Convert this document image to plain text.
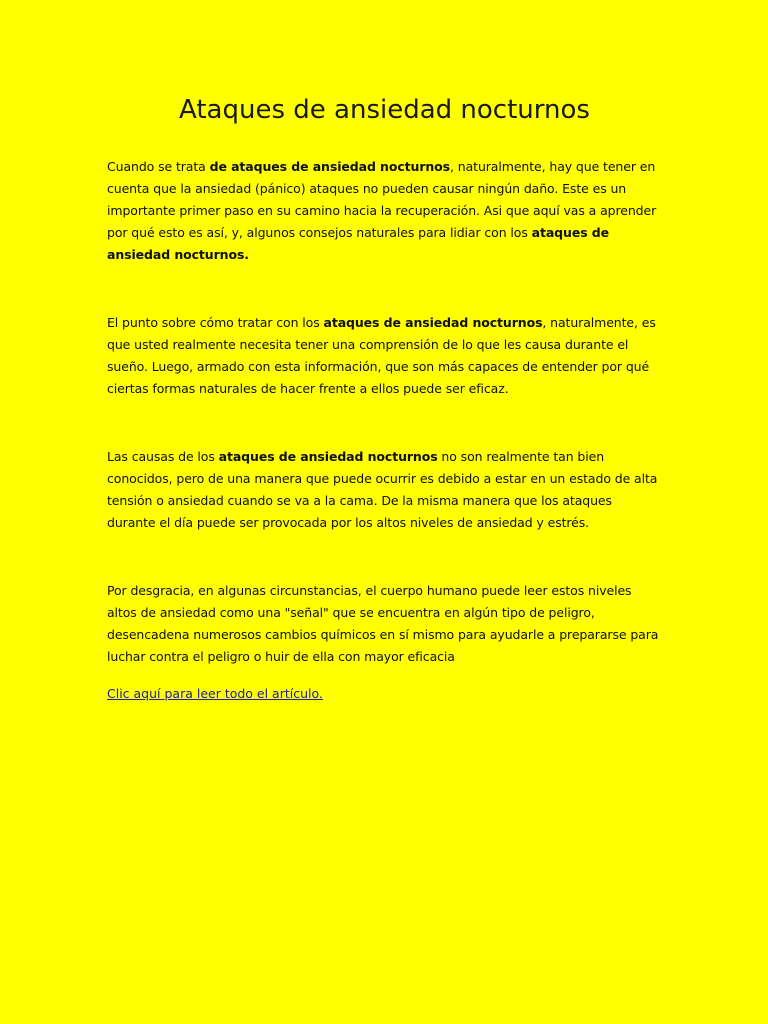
Ataques de ansiedad nocturnos

Cuando se trata de ataques de ansiedad nocturnos, naturalmente, hay que tener en cuenta que la ansiedad (pánico) ataques no pueden causar ningún daño. Este es un importante primer paso en su camino hacia la recuperación. Asi que aquí vas a aprender por qué esto es así, y, algunos consejos naturales para lidiar con los ataques de ansiedad nocturnos.

El punto sobre cómo tratar con los ataques de ansiedad nocturnos, naturalmente, es que usted realmente necesita tener una comprensión de lo que les causa durante el sueño. Luego, armado con esta información, que son más capaces de entender por qué ciertas formas naturales de hacer frente a ellos puede ser eficaz.

Las causas de los ataques de ansiedad nocturnos no son realmente tan bien conocidos, pero de una manera que puede ocurrir es debido a estar en un estado de alta tensión o ansiedad cuando se va a la cama. De la misma manera que los ataques durante el día puede ser provocada por los altos niveles de ansiedad y estrés.

Por desgracia, en algunas circunstancias, el cuerpo humano puede leer estos niveles altos de ansiedad como una "señal" que se encuentra en algún tipo de peligro, desencadena numerosos cambios químicos en sí mismo para ayudarle a prepararse para luchar contra el peligro o huir de ella con mayor eficacia

Clic aquí para leer todo el artículo.
